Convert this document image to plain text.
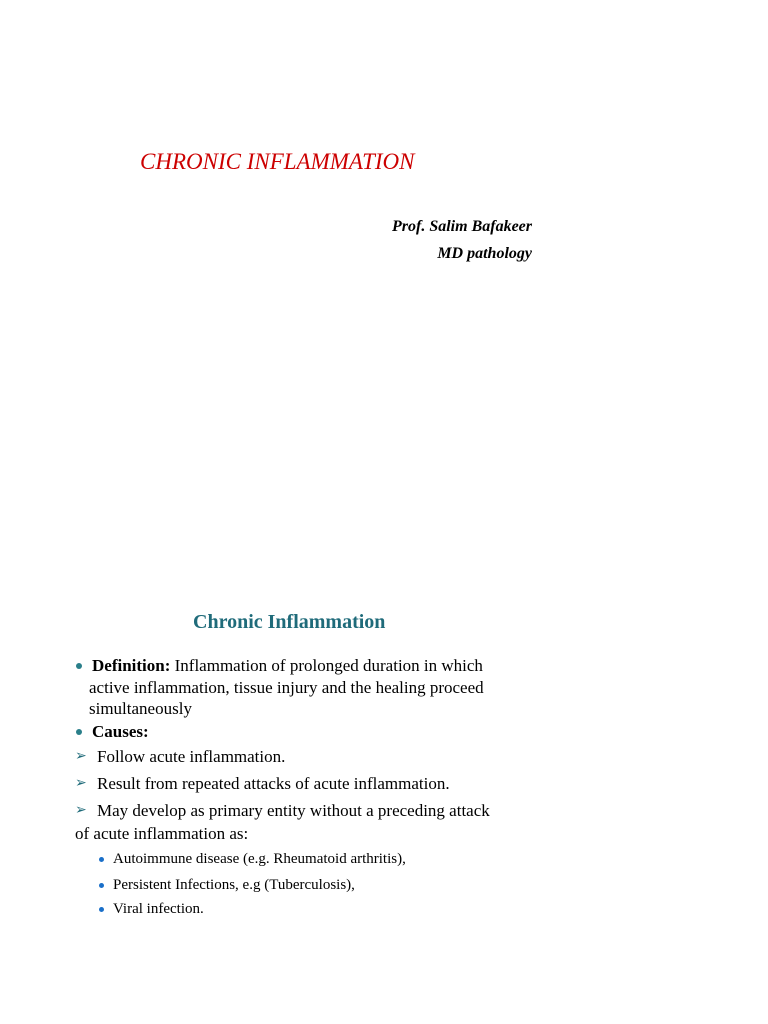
CHRONIC INFLAMMATION
Prof. Salim Bafakeer
MD pathology
Chronic Inflammation
Definition: Inflammation of prolonged duration in which
active inflammation, tissue injury and the healing proceed
simultaneously
Causes:
➢ Follow acute inflammation.
➢ Result from repeated attacks of acute inflammation.
➢ May develop as primary entity without a preceding attack
of acute inflammation as:
Autoimmune disease (e.g. Rheumatoid arthritis),
Persistent Infections, e.g (Tuberculosis),
Viral infection.
